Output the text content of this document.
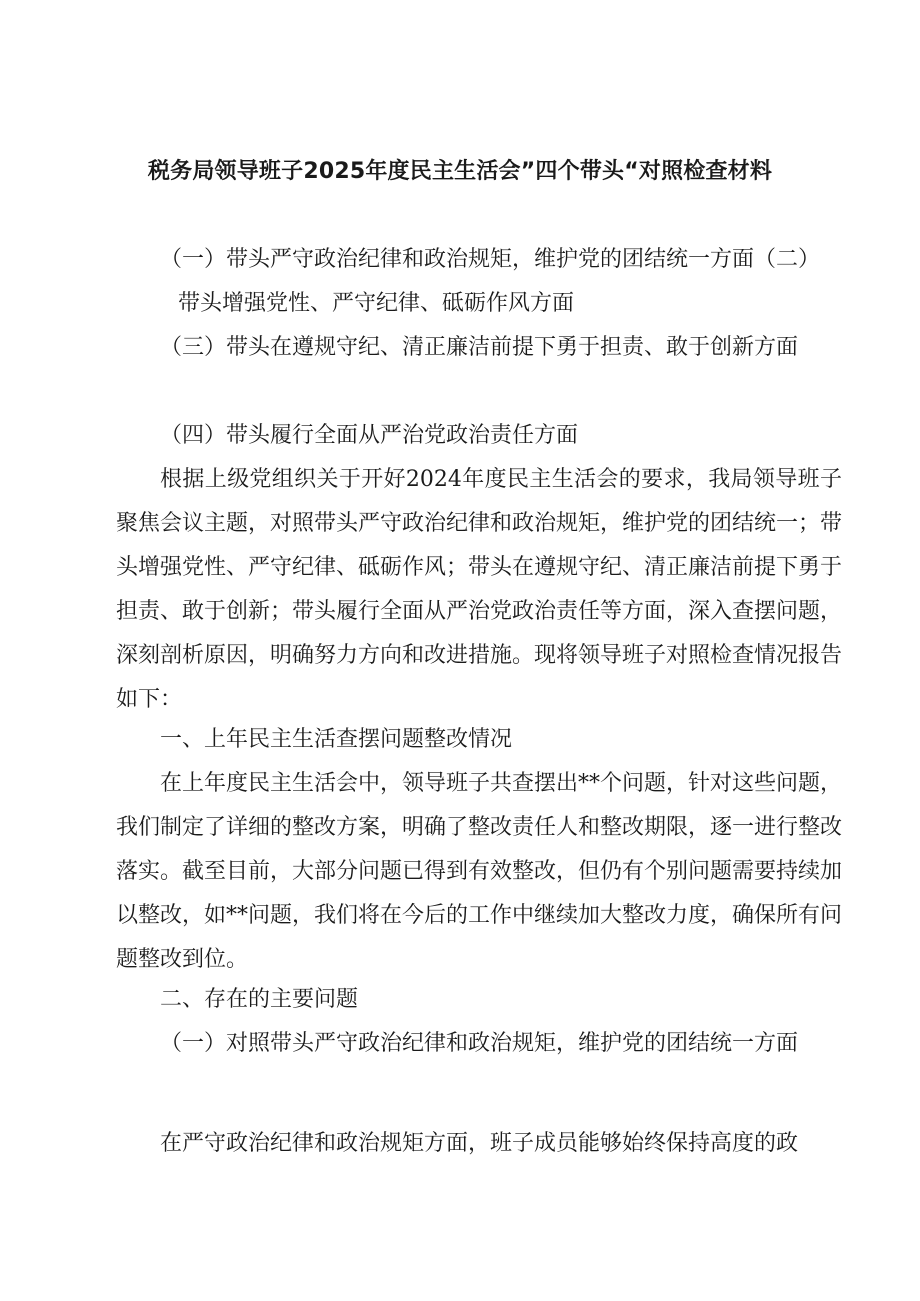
税务局领导班子2025年度民主生活会”四个带头“对照检查材料

（一）带头严守政治纪律和政治规矩，维护党的团结统一方面（二）

带头增强党性、严守纪律、砥砺作风方面

（三）带头在遵规守纪、清正廉洁前提下勇于担责、敢于创新方面

（四）带头履行全面从严治党政治责任方面

根据上级党组织关于开好2024年度民主生活会的要求，我局领导班子聚焦会议主题，对照带头严守政治纪律和政治规矩，维护党的团结统一；带头增强党性、严守纪律、砥砺作风；带头在遵规守纪、清正廉洁前提下勇于担责、敢于创新；带头履行全面从严治党政治责任等方面，深入查摆问题，深刻剖析原因，明确努力方向和改进措施。现将领导班子对照检查情况报告如下：

一、上年民主生活查摆问题整改情况

在上年度民主生活会中，领导班子共查摆出**个问题，针对这些问题，我们制定了详细的整改方案，明确了整改责任人和整改期限，逐一进行整改落实。截至目前，大部分问题已得到有效整改，但仍有个别问题需要持续加以整改，如**问题，我们将在今后的工作中继续加大整改力度，确保所有问题整改到位。

二、存在的主要问题

（一）对照带头严守政治纪律和政治规矩，维护党的团结统一方面

在严守政治纪律和政治规矩方面，班子成员能够始终保持高度的政
